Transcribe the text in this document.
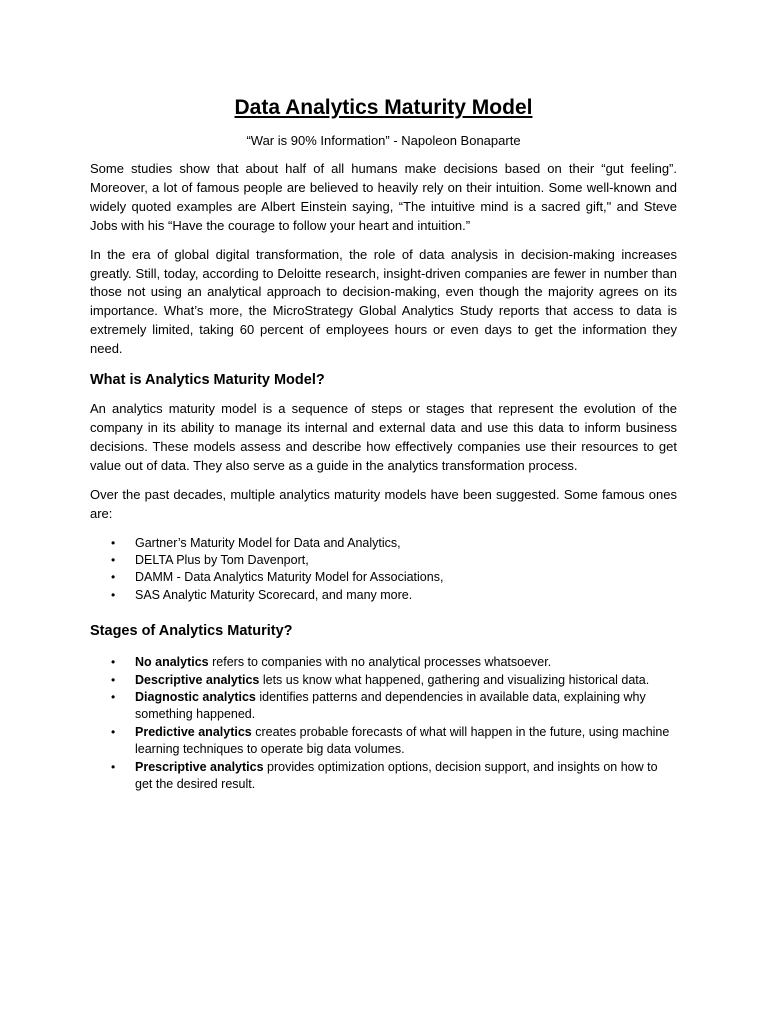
Data Analytics Maturity Model

“War is 90% Information” - Napoleon Bonaparte

Some studies show that about half of all humans make decisions based on their “gut feeling”. Moreover, a lot of famous people are believed to heavily rely on their intuition. Some well-known and widely quoted examples are Albert Einstein saying, “The intuitive mind is a sacred gift," and Steve Jobs with his “Have the courage to follow your heart and intuition.”

In the era of global digital transformation, the role of data analysis in decision-making increases greatly. Still, today, according to Deloitte research, insight-driven companies are fewer in number than those not using an analytical approach to decision-making, even though the majority agrees on its importance. What’s more, the MicroStrategy Global Analytics Study reports that access to data is extremely limited, taking 60 percent of employees hours or even days to get the information they need.

What is Analytics Maturity Model?

An analytics maturity model is a sequence of steps or stages that represent the evolution of the company in its ability to manage its internal and external data and use this data to inform business decisions. These models assess and describe how effectively companies use their resources to get value out of data. They also serve as a guide in the analytics transformation process.

Over the past decades, multiple analytics maturity models have been suggested. Some famous ones are:

• Gartner’s Maturity Model for Data and Analytics,
• DELTA Plus by Tom Davenport,
• DAMM - Data Analytics Maturity Model for Associations,
• SAS Analytic Maturity Scorecard, and many more.
Stages of Analytics Maturity?
• No analytics refers to companies with no analytical processes whatsoever.
• Descriptive analytics lets us know what happened, gathering and visualizing historical data.
• Diagnostic analytics identifies patterns and dependencies in available data, explaining why something happened.
• Predictive analytics creates probable forecasts of what will happen in the future, using machine learning techniques to operate big data volumes.
• Prescriptive analytics provides optimization options, decision support, and insights on how to get the desired result.
